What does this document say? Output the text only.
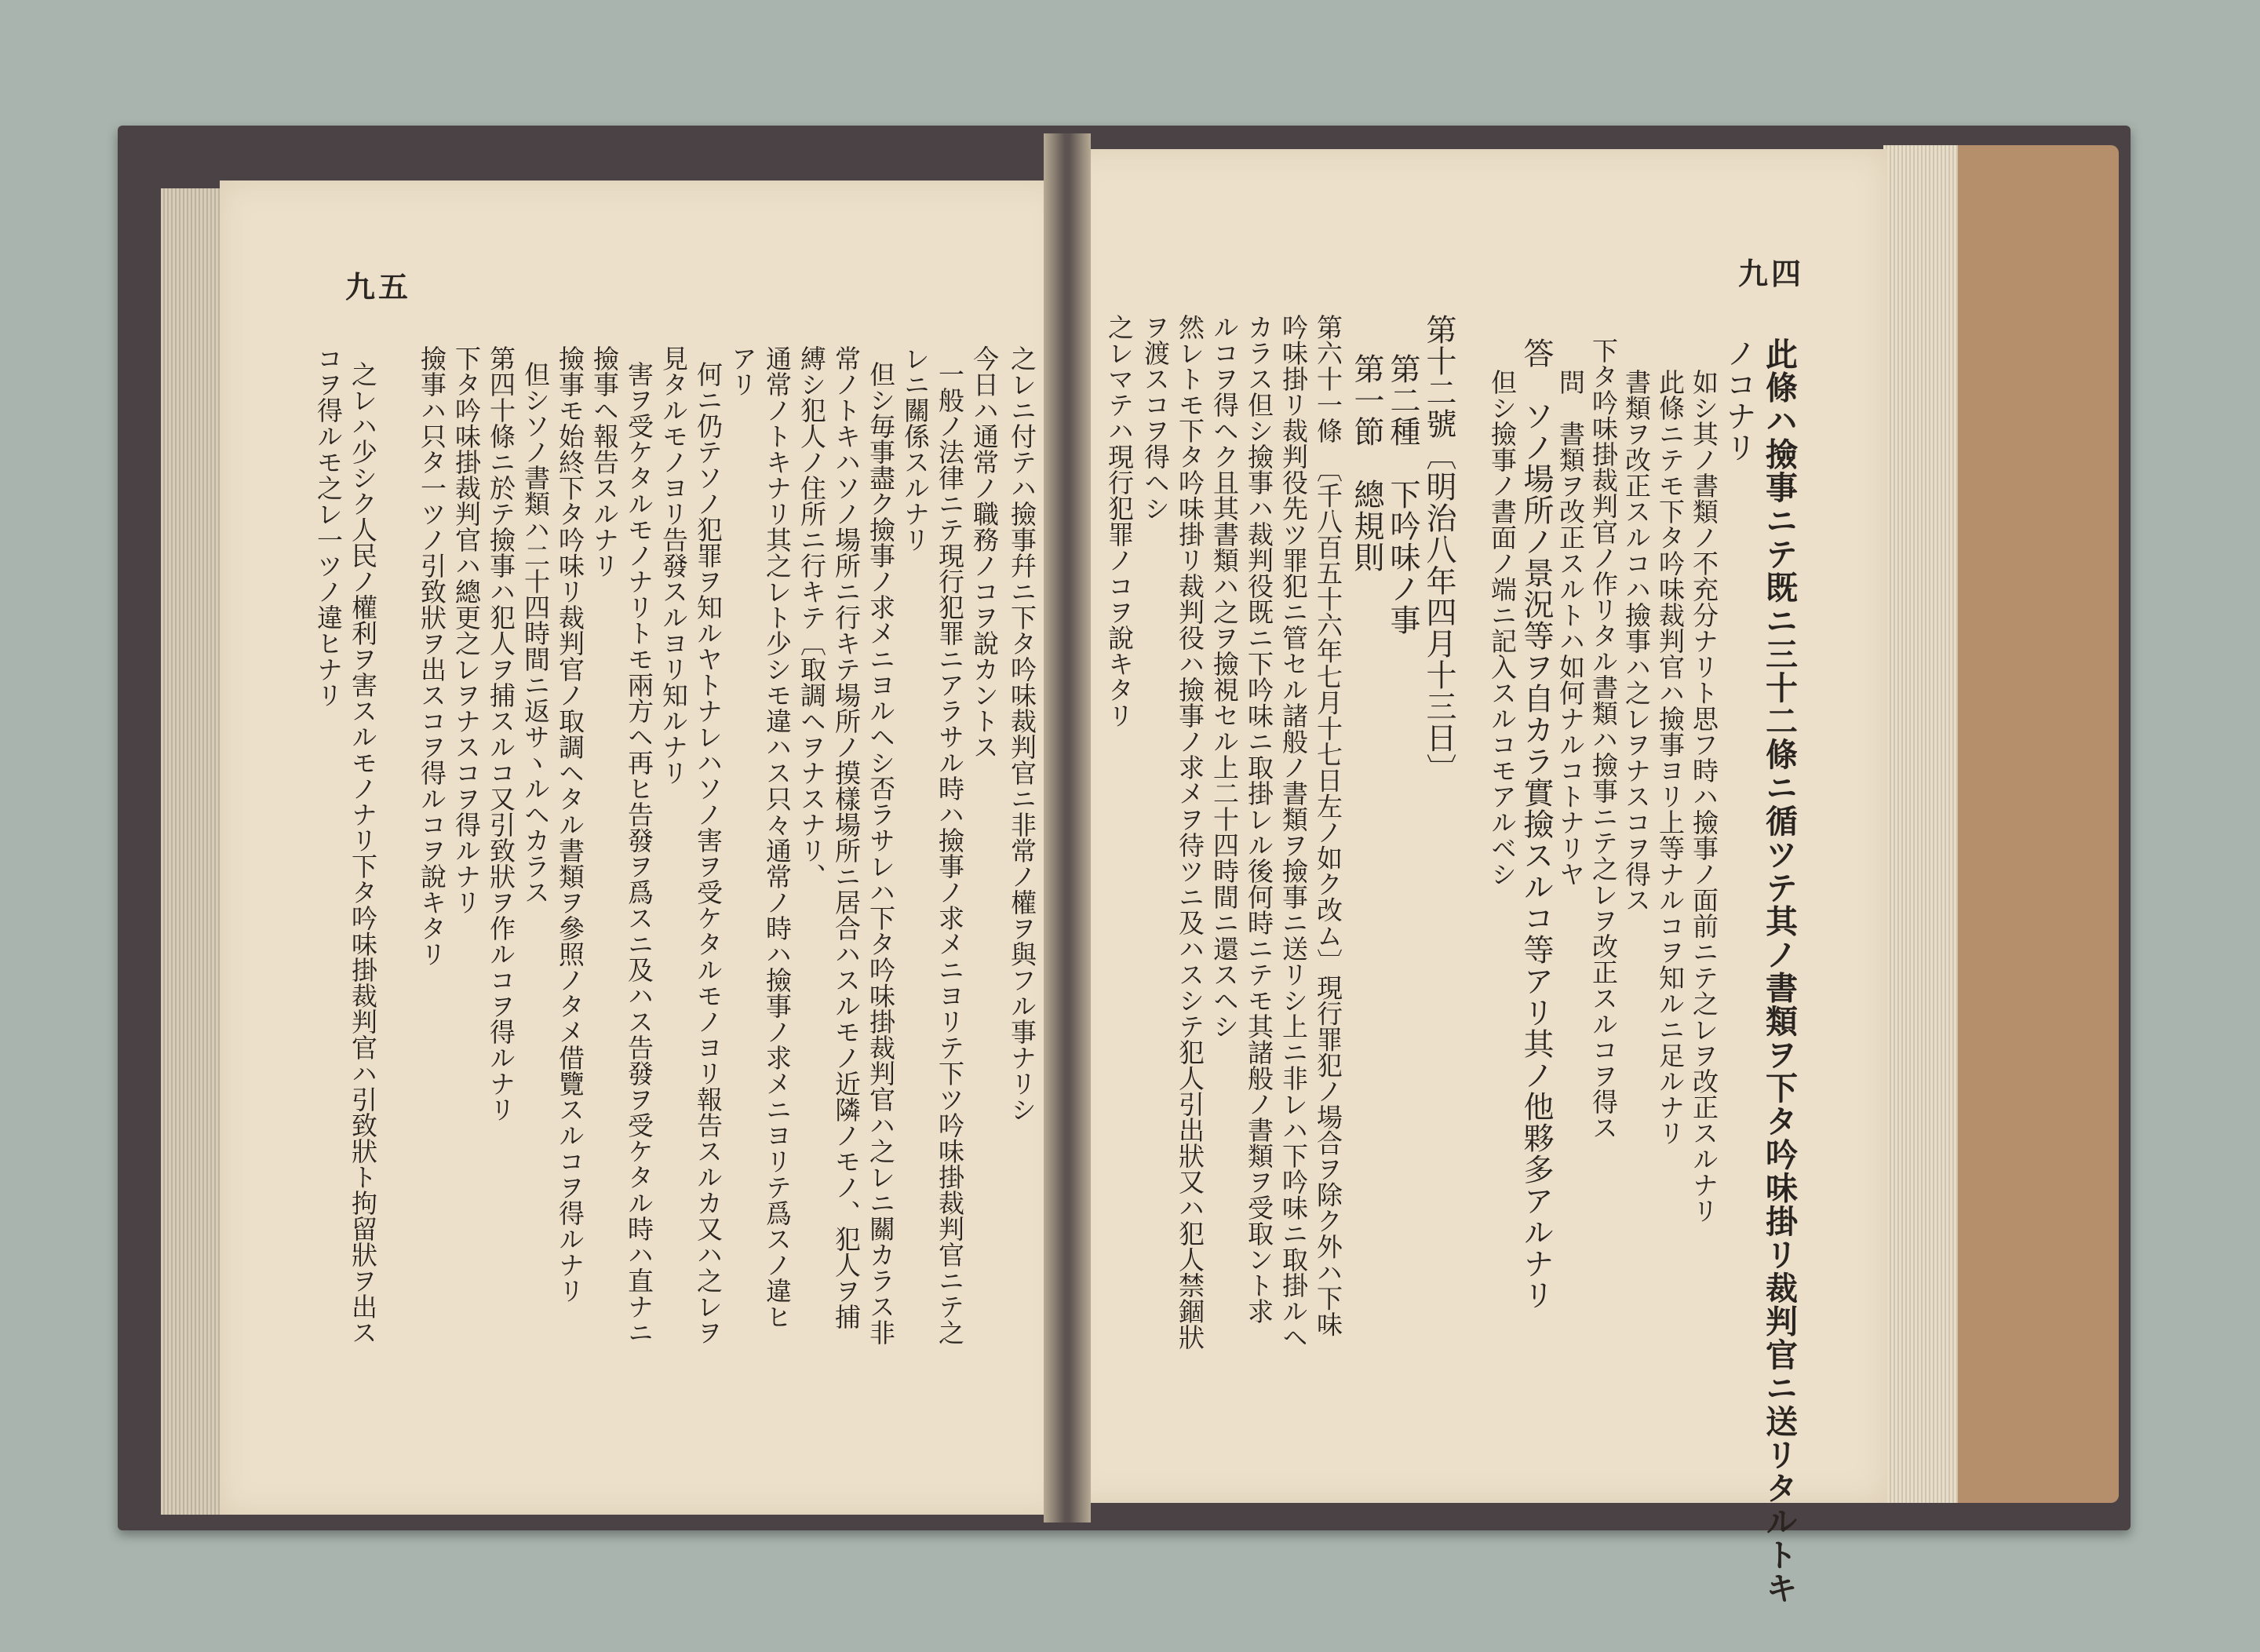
九五	九四
此條ハ撿事ニテ既ニ三十二條ニ循ツテ其ノ書類ヲ下タ吟味掛リ裁判官ニ送リタルトキ
ノコナリ
如シ其ノ書類ノ不充分ナリト思フ時ハ撿事ノ面前ニテ之レヲ改正スルナリ
此條ニテモ下タ吟味裁判官ハ撿事ヨリ上等ナルコヲ知ルニ足ルナリ
書類ヲ改正スルコハ撿事ハ之レヲナスコヲ得ス
下タ吟味掛裁判官ノ作リタル書類ハ撿事ニテ之レヲ改正スルコヲ得ス
問　書類ヲ改正スルトハ如何ナルコトナリヤ
答　ソノ場所ノ景況等ヲ自カラ實撿スルコ等アリ其ノ他夥多アルナリ
但シ撿事ノ書面ノ端ニ記入スルコモアルベシ
第十二號〔明治八年四月十三日〕
第二種　下吟味ノ事
第一節　總規則
第六十一條　〔千八百五十六年七月十七日左ノ如ク改ム〕現行罪犯ノ場合ヲ除ク外ハ下味
吟味掛リ裁判役先ツ罪犯ニ管セル諸般ノ書類ヲ撿事ニ送リシ上ニ非レハ下吟味ニ取掛ルヘ
カラス但シ撿事ハ裁判役既ニ下吟味ニ取掛レル後何時ニテモ其諸般ノ書類ヲ受取ント求
ルコヲ得ヘク且其書類ハ之ヲ撿視セル上二十四時間ニ還スヘシ
然レトモ下タ吟味掛リ裁判役ハ撿事ノ求メヲ待ツニ及ハスシテ犯人引出狀又ハ犯人禁錮狀
ヲ渡スコヲ得ヘシ
之レマテハ現行犯罪ノコヲ說キタリ
之レニ付テハ撿事幷ニ下タ吟味裁判官ニ非常ノ權ヲ與フル事ナリシ
今日ハ通常ノ職務ノコヲ說カントス
一般ノ法律ニテ現行犯罪ニアラサル時ハ撿事ノ求メニヨリテ下ツ吟味掛裁判官ニテ之
レニ關係スルナリ
但シ毎事盡ク撿事ノ求メニヨルヘシ否ラサレハ下タ吟味掛裁判官ハ之レニ關カラス非
常ノトキハソノ場所ニ行キテ場所ノ摸樣場所ニ居合ハスルモノ近隣ノモノ、犯人ヲ捕
縛シ犯人ノ住所ニ行キテ〔取調ヘヲナスナリ、
通常ノトキナリ其之レト少シモ違ハス只々通常ノ時ハ撿事ノ求メニヨリテ爲スノ違ヒ
アリ
何ニ仍テソノ犯罪ヲ知ルヤトナレハソノ害ヲ受ケタルモノヨリ報告スルカ又ハ之レヲ
見タルモノヨリ告發スルヨリ知ルナリ
害ヲ受ケタルモノナリトモ兩方ヘ再ヒ告發ヲ爲スニ及ハス告發ヲ受ケタル時ハ直ナニ
撿事ヘ報告スルナリ
撿事モ始終下タ吟味リ裁判官ノ取調ヘタル書類ヲ參照ノタメ借覽スルコヲ得ルナリ
但シソノ書類ハ二十四時間ニ返サヽルヘカラス
第四十條ニ於テ撿事ハ犯人ヲ捕スルコ又引致狀ヲ作ルコヲ得ルナリ
下タ吟味掛裁判官ハ總更之レヲナスコヲ得ルナリ
撿事ハ只タ一ツノ引致狀ヲ出スコヲ得ルコヲ說キタリ
之レハ少シク人民ノ權利ヲ害スルモノナリ下タ吟味掛裁判官ハ引致狀ト拘留狀ヲ出ス
コヲ得ルモ之レ一ツノ違ヒナリ
